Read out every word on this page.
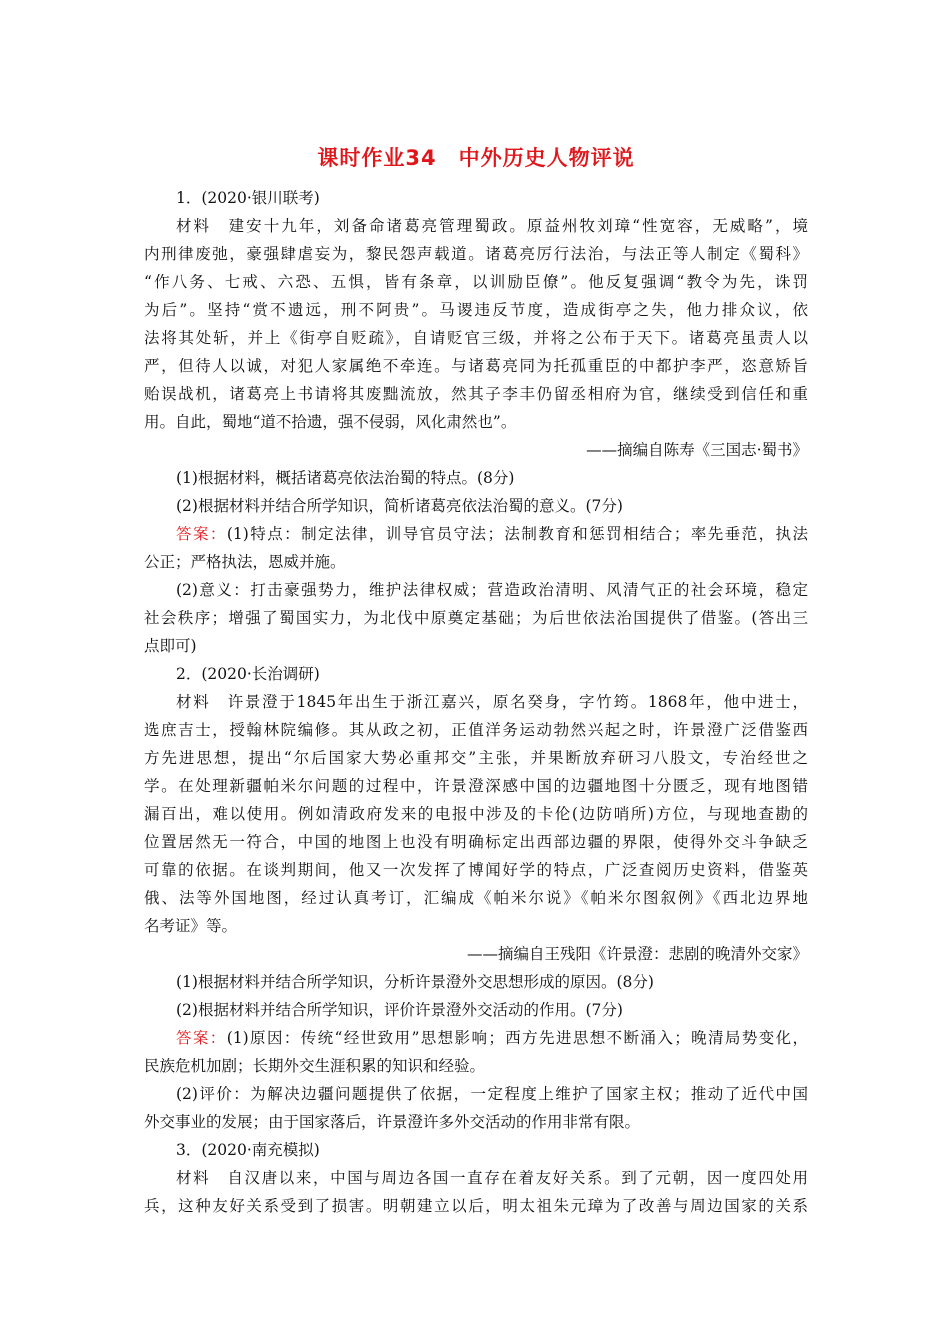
课时作业34　中外历史人物评说
1．(2020·银川联考)
材料　建安十九年，刘备命诸葛亮管理蜀政。原益州牧刘璋“性宽容，无威略”，境
内刑律废弛，豪强肆虐妄为，黎民怨声载道。诸葛亮厉行法治，与法正等人制定《蜀科》
“作八务、七戒、六恐、五惧，皆有条章，以训励臣僚”。他反复强调“教令为先，诛罚
为后”。坚持“赏不遗远，刑不阿贵”。马谡违反节度，造成街亭之失，他力排众议，依
法将其处斩，并上《街亭自贬疏》，自请贬官三级，并将之公布于天下。诸葛亮虽责人以
严，但待人以诚，对犯人家属绝不牵连。与诸葛亮同为托孤重臣的中都护李严，恣意矫旨
贻误战机，诸葛亮上书请将其废黜流放，然其子李丰仍留丞相府为官，继续受到信任和重
用。自此，蜀地“道不拾遗，强不侵弱，风化肃然也”。
——摘编自陈寿《三国志·蜀书》
(1)根据材料，概括诸葛亮依法治蜀的特点。(8分)
(2)根据材料并结合所学知识，简析诸葛亮依法治蜀的意义。(7分)
答案：(1)特点：制定法律，训导官员守法；法制教育和惩罚相结合；率先垂范，执法
公正；严格执法，恩威并施。
(2)意义：打击豪强势力，维护法律权威；营造政治清明、风清气正的社会环境，稳定
社会秩序；增强了蜀国实力，为北伐中原奠定基础；为后世依法治国提供了借鉴。(答出三
点即可)
2．(2020·长治调研)
材料　许景澄于1845年出生于浙江嘉兴，原名癸身，字竹筠。1868年，他中进士，
选庶吉士，授翰林院编修。其从政之初，正值洋务运动勃然兴起之时，许景澄广泛借鉴西
方先进思想，提出“尔后国家大势必重邦交”主张，并果断放弃研习八股文，专治经世之
学。在处理新疆帕米尔问题的过程中，许景澄深感中国的边疆地图十分匮乏，现有地图错
漏百出，难以使用。例如清政府发来的电报中涉及的卡伦(边防哨所)方位，与现地查勘的
位置居然无一符合，中国的地图上也没有明确标定出西部边疆的界限，使得外交斗争缺乏
可靠的依据。在谈判期间，他又一次发挥了博闻好学的特点，广泛查阅历史资料，借鉴英
俄、法等外国地图，经过认真考订，汇编成《帕米尔说》《帕米尔图叙例》《西北边界地
名考证》等。
——摘编自王残阳《许景澄：悲剧的晚清外交家》
(1)根据材料并结合所学知识，分析许景澄外交思想形成的原因。(8分)
(2)根据材料并结合所学知识，评价许景澄外交活动的作用。(7分)
答案：(1)原因：传统“经世致用”思想影响；西方先进思想不断涌入；晚清局势变化，
民族危机加剧；长期外交生涯积累的知识和经验。
(2)评价：为解决边疆问题提供了依据，一定程度上维护了国家主权；推动了近代中国
外交事业的发展；由于国家落后，许景澄许多外交活动的作用非常有限。
3．(2020·南充模拟)
材料　自汉唐以来，中国与周边各国一直存在着友好关系。到了元朝，因一度四处用
兵，这种友好关系受到了损害。明朝建立以后，明太祖朱元璋为了改善与周边国家的关系
